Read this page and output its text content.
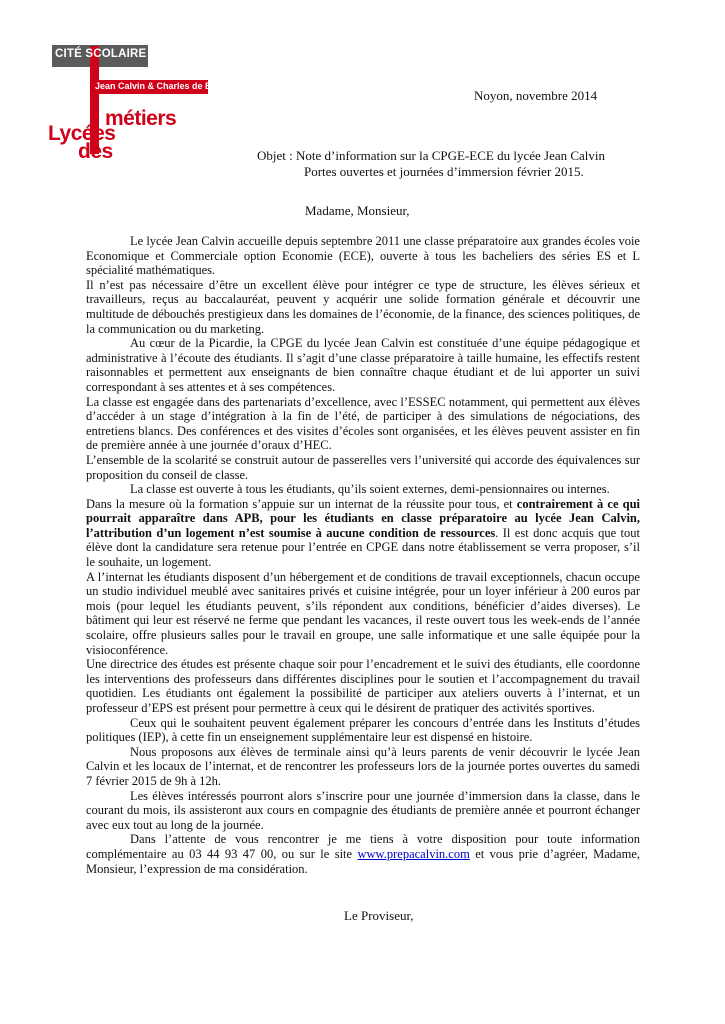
CITÉ SCOLAIRE
Jean Calvin & Charles de Bovelles
métiers
Lycées
des
Noyon, novembre 2014
Objet : Note d’information sur la CPGE-ECE du lycée Jean Calvin
Portes ouvertes et journées d’immersion février 2015.
Madame, Monsieur,

Le lycée Jean Calvin accueille depuis septembre 2011 une classe préparatoire aux grandes écoles voie Economique et Commerciale option Economie (ECE), ouverte à tous les bacheliers des séries ES et L spécialité mathématiques.

Il n’est pas nécessaire d’être un excellent élève pour intégrer ce type de structure, les élèves sérieux et travailleurs, reçus au baccalauréat, peuvent y acquérir une solide formation générale et découvrir une multitude de débouchés prestigieux dans les domaines de l’économie, de la finance, des sciences politiques, de la communication ou du marketing.

Au cœur de la Picardie, la CPGE du lycée Jean Calvin est constituée d’une équipe pédagogique et administrative à l’écoute des étudiants. Il s’agit d’une classe préparatoire à taille humaine, les effectifs restent raisonnables et permettent aux enseignants de bien connaître chaque étudiant et de lui apporter un suivi correspondant à ses attentes et à ses compétences.

La classe est engagée dans des partenariats d’excellence, avec l’ESSEC notamment, qui permettent aux élèves d’accéder à un stage d’intégration à la fin de l’été, de participer à des simulations de négociations, des entretiens blancs. Des conférences et des visites d’écoles sont organisées, et les élèves peuvent assister en fin de première année à une journée d’oraux d’HEC.

L’ensemble de la scolarité se construit autour de passerelles vers l’université qui accorde des équivalences sur proposition du conseil de classe.

La classe est ouverte à tous les étudiants, qu’ils soient externes, demi-pensionnaires ou internes.

Dans la mesure où la formation s’appuie sur un internat de la réussite pour tous, et contrairement à ce qui pourrait apparaître dans APB, pour les étudiants en classe préparatoire au lycée Jean Calvin, l’attribution d’un logement n’est soumise à aucune condition de ressources. Il est donc acquis que tout élève dont la candidature sera retenue pour l’entrée en CPGE dans notre établissement se verra proposer, s’il le souhaite, un logement.

A l’internat les étudiants disposent d’un hébergement et de conditions de travail exceptionnels, chacun occupe un studio individuel meublé avec sanitaires privés et cuisine intégrée, pour un loyer inférieur à 200 euros par mois (pour lequel les étudiants peuvent, s’ils répondent aux conditions, bénéficier d’aides diverses). Le bâtiment qui leur est réservé ne ferme que pendant les vacances, il reste ouvert tous les week-ends de l’année scolaire, offre plusieurs salles pour le travail en groupe, une salle informatique et une salle équipée pour la visioconférence.

Une directrice des études est présente chaque soir pour l’encadrement et le suivi des étudiants, elle coordonne les interventions des professeurs dans différentes disciplines pour le soutien et l’accompagnement du travail quotidien. Les étudiants ont également la possibilité de participer aux ateliers ouverts à l’internat, et un professeur d’EPS est présent pour permettre à ceux qui le désirent de pratiquer des activités sportives.

Ceux qui le souhaitent peuvent également préparer les concours d’entrée dans les Instituts d’études politiques (IEP), à cette fin un enseignement supplémentaire leur est dispensé en histoire.

Nous proposons aux élèves de terminale ainsi qu’à leurs parents de venir découvrir le lycée Jean Calvin et les locaux de l’internat, et de rencontrer les professeurs lors de la journée portes ouvertes du samedi 7 février 2015 de 9h à 12h.

Les élèves intéressés pourront alors s’inscrire pour une journée d’immersion dans la classe, dans le courant du mois, ils assisteront aux cours en compagnie des étudiants de première année et pourront échanger avec eux tout au long de la journée.

Dans l’attente de vous rencontrer je me tiens à votre disposition pour toute information complémentaire au 03 44 93 47 00, ou sur le site www.prepacalvin.com et vous prie d’agréer, Madame, Monsieur, l’expression de ma considération.

Le Proviseur,
